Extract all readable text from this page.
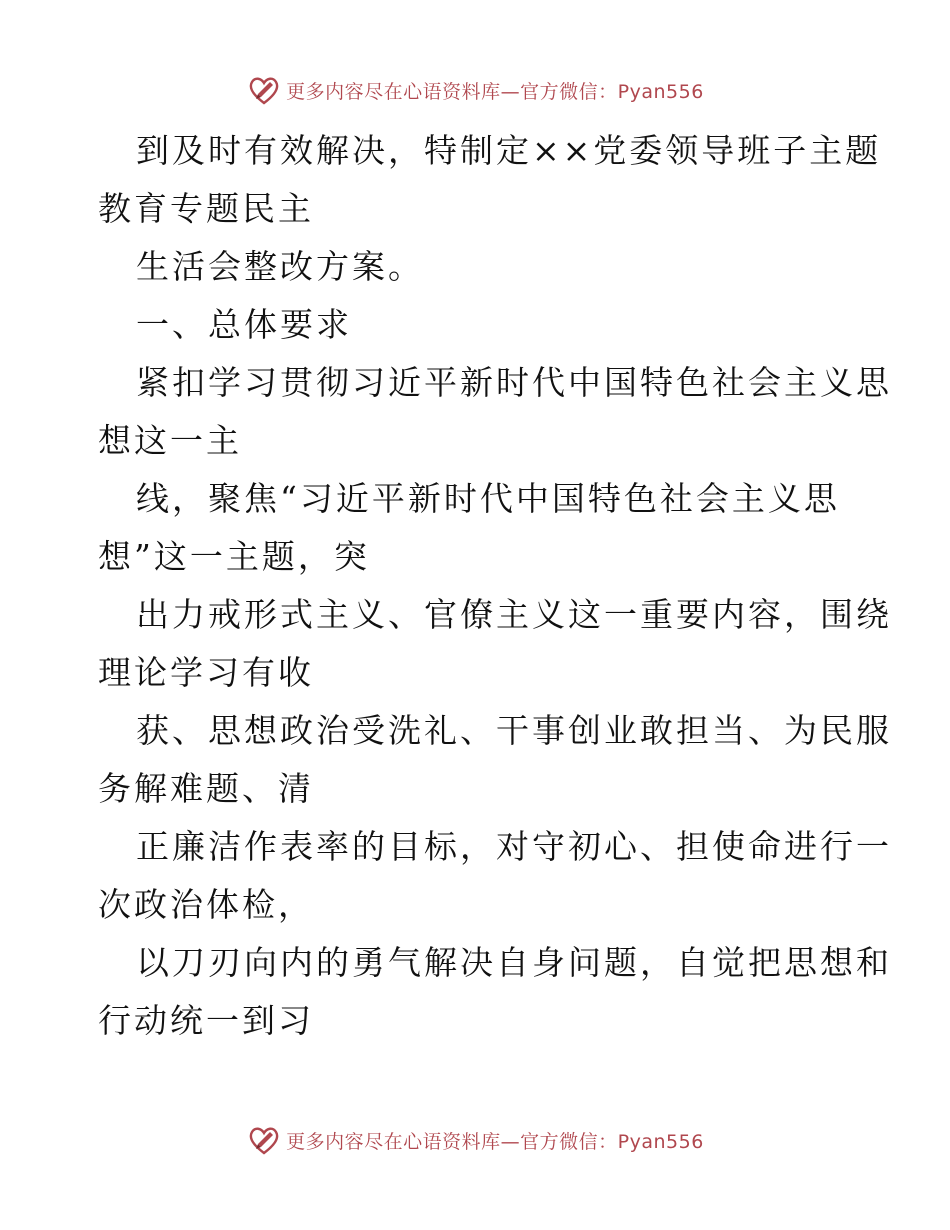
更多内容尽在心语资料库—官方微信：Pyan556
到及时有效解决，特制定××党委领导班子主题
教育专题民主
生活会整改方案。
一、总体要求
紧扣学习贯彻习近平新时代中国特色社会主义思
想这一主
线，聚焦“习近平新时代中国特色社会主义思
想”这一主题，突
出力戒形式主义、官僚主义这一重要内容，围绕
理论学习有收
获、思想政治受洗礼、干事创业敢担当、为民服
务解难题、清
正廉洁作表率的目标，对守初心、担使命进行一
次政治体检，
以刀刃向内的勇气解决自身问题，自觉把思想和
行动统一到习
更多内容尽在心语资料库—官方微信：Pyan556
